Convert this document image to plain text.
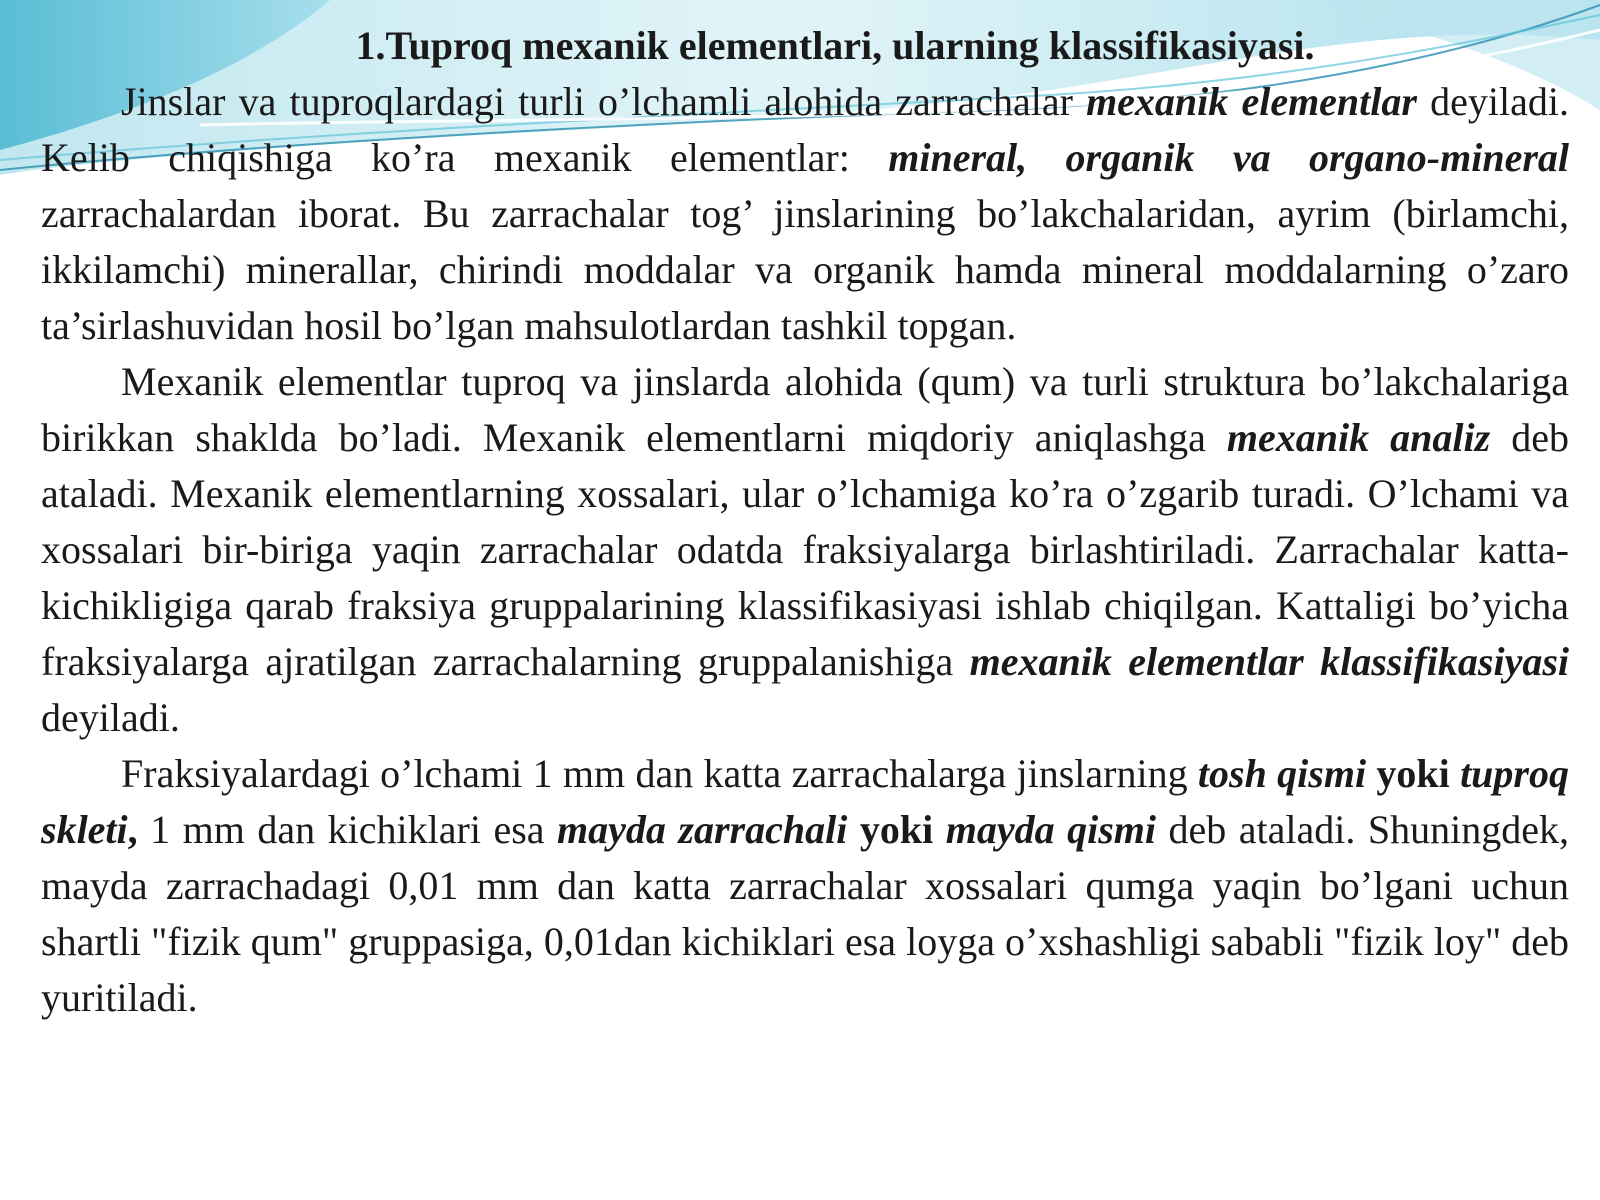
1.Tuproq mexanik elementlari, ularning klassifikasiyasi.

Jinslar va tuproqlardagi turli o’lchamli alohida zarrachalar mexanik elementlar deyiladi. Kelib chiqishiga ko’ra mexanik elementlar: mineral, organik va organo-mineral zarrachalardan iborat. Bu zarrachalar tog’ jinslarining bo’lakchalaridan, ayrim (birlamchi, ikkilamchi) minerallar, chirindi moddalar va organik hamda mineral moddalarning o’zaro ta’sirlashuvidan hosil bo’lgan mahsulotlardan tashkil topgan.

Mexanik elementlar tuproq va jinslarda alohida (qum) va turli struktura bo’lakchalariga birikkan shaklda bo’ladi. Mexanik elementlarni miqdoriy aniqlashga mexanik analiz deb ataladi. Mexanik elementlarning xossalari, ular o’lchamiga ko’ra o’zgarib turadi. O’lchami va xossalari bir-biriga yaqin zarrachalar odatda fraksiyalarga birlashtiriladi. Zarrachalar katta-kichikligiga qarab fraksiya gruppalarining klassifikasiyasi ishlab chiqilgan. Kattaligi bo’yicha fraksiyalarga ajratilgan zarrachalarning gruppalanishiga mexanik elementlar klassifikasiyasi deyiladi.

Fraksiyalardagi o’lchami 1 mm dan katta zarrachalarga jinslarning tosh qismi yoki tuproq skleti, 1 mm dan kichiklari esa mayda zarrachali yoki mayda qismi deb ataladi. Shuningdek, mayda zarrachadagi 0,01 mm dan katta zarrachalar xossalari qumga yaqin bo’lgani uchun shartli "fizik qum" gruppasiga, 0,01dan kichiklari esa loyga o’xshashligi sababli "fizik loy" deb yuritiladi.
